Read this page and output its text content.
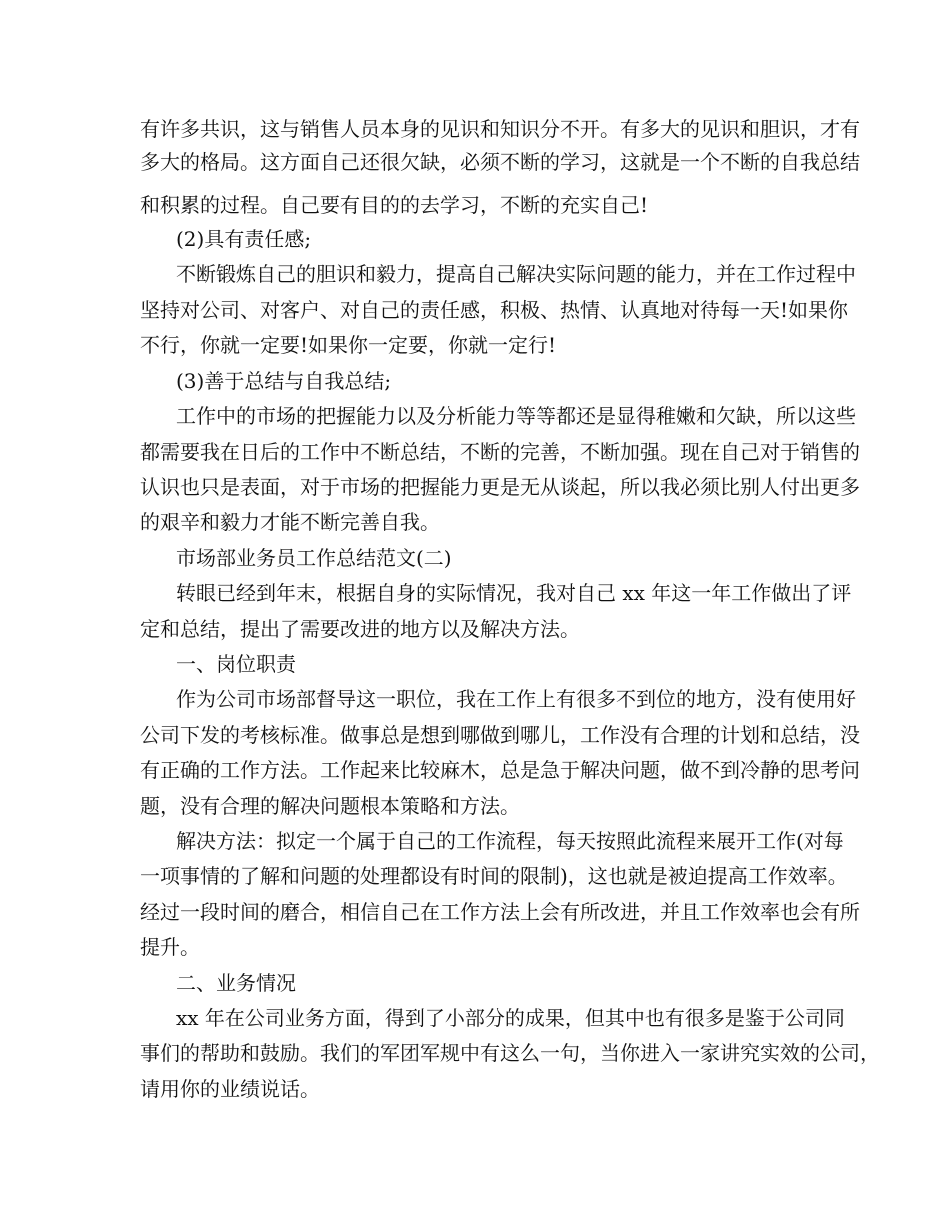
有许多共识，这与销售人员本身的见识和知识分不开。有多大的见识和胆识，才有
多大的格局。这方面自己还很欠缺，必须不断的学习，这就是一个不断的自我总结
和积累的过程。自己要有目的的去学习，不断的充实自己!
(2)具有责任感;
不断锻炼自己的胆识和毅力，提高自己解决实际问题的能力，并在工作过程中
坚持对公司、对客户、对自己的责任感，积极、热情、认真地对待每一天!如果你
不行，你就一定要!如果你一定要，你就一定行!
(3)善于总结与自我总结;
工作中的市场的把握能力以及分析能力等等都还是显得稚嫩和欠缺，所以这些
都需要我在日后的工作中不断总结，不断的完善，不断加强。现在自己对于销售的
认识也只是表面，对于市场的把握能力更是无从谈起，所以我必须比别人付出更多
的艰辛和毅力才能不断完善自我。
市场部业务员工作总结范文(二)
转眼已经到年末，根据自身的实际情况，我对自己 xx 年这一年工作做出了评
定和总结，提出了需要改进的地方以及解决方法。
一、岗位职责
作为公司市场部督导这一职位，我在工作上有很多不到位的地方，没有使用好
公司下发的考核标准。做事总是想到哪做到哪儿，工作没有合理的计划和总结，没
有正确的工作方法。工作起来比较麻木，总是急于解决问题，做不到冷静的思考问
题，没有合理的解决问题根本策略和方法。
解决方法：拟定一个属于自己的工作流程，每天按照此流程来展开工作(对每
一项事情的了解和问题的处理都设有时间的限制)，这也就是被迫提高工作效率。
经过一段时间的磨合，相信自己在工作方法上会有所改进，并且工作效率也会有所
提升。
二、业务情况
xx 年在公司业务方面，得到了小部分的成果，但其中也有很多是鉴于公司同
事们的帮助和鼓励。我们的军团军规中有这么一句，当你进入一家讲究实效的公司，
请用你的业绩说话。
